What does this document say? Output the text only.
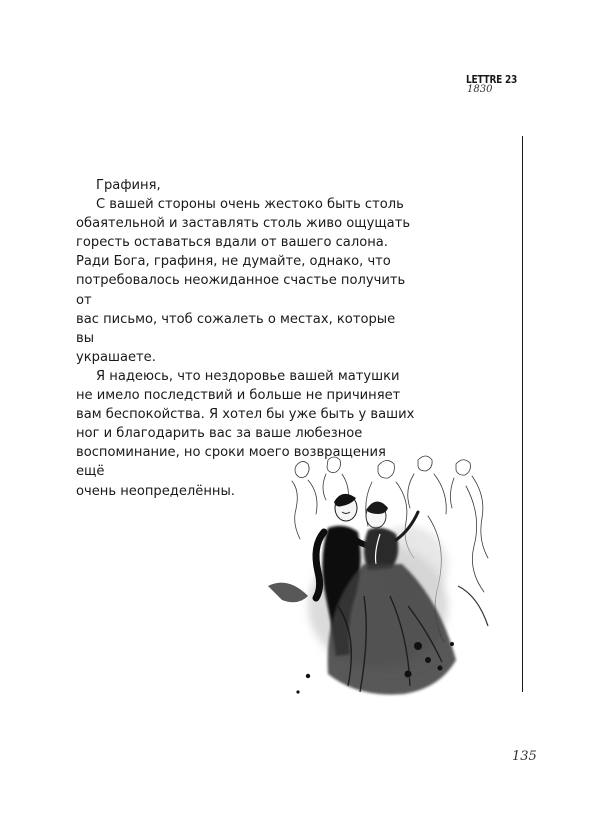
LETTRE 23
1830

Графиня,

С вашей стороны очень жестоко быть столь
обаятельной и заставлять столь живо ощущать
горесть оставаться вдали от вашего салона.
Ради Бога, графиня, не думайте, однако, что
потребовалось неожиданное счастье получить от
вас письмо, чтоб сожалеть о местах, которые вы
украшаете.

Я надеюсь, что нездоровье вашей матушки
не имело последствий и больше не причиняет
вам беспокойства. Я хотел бы уже быть у ваших
ног и благодарить вас за ваше любезное
воспоминание, но сроки моего возвращения ещё
очень неопределённы.

135
